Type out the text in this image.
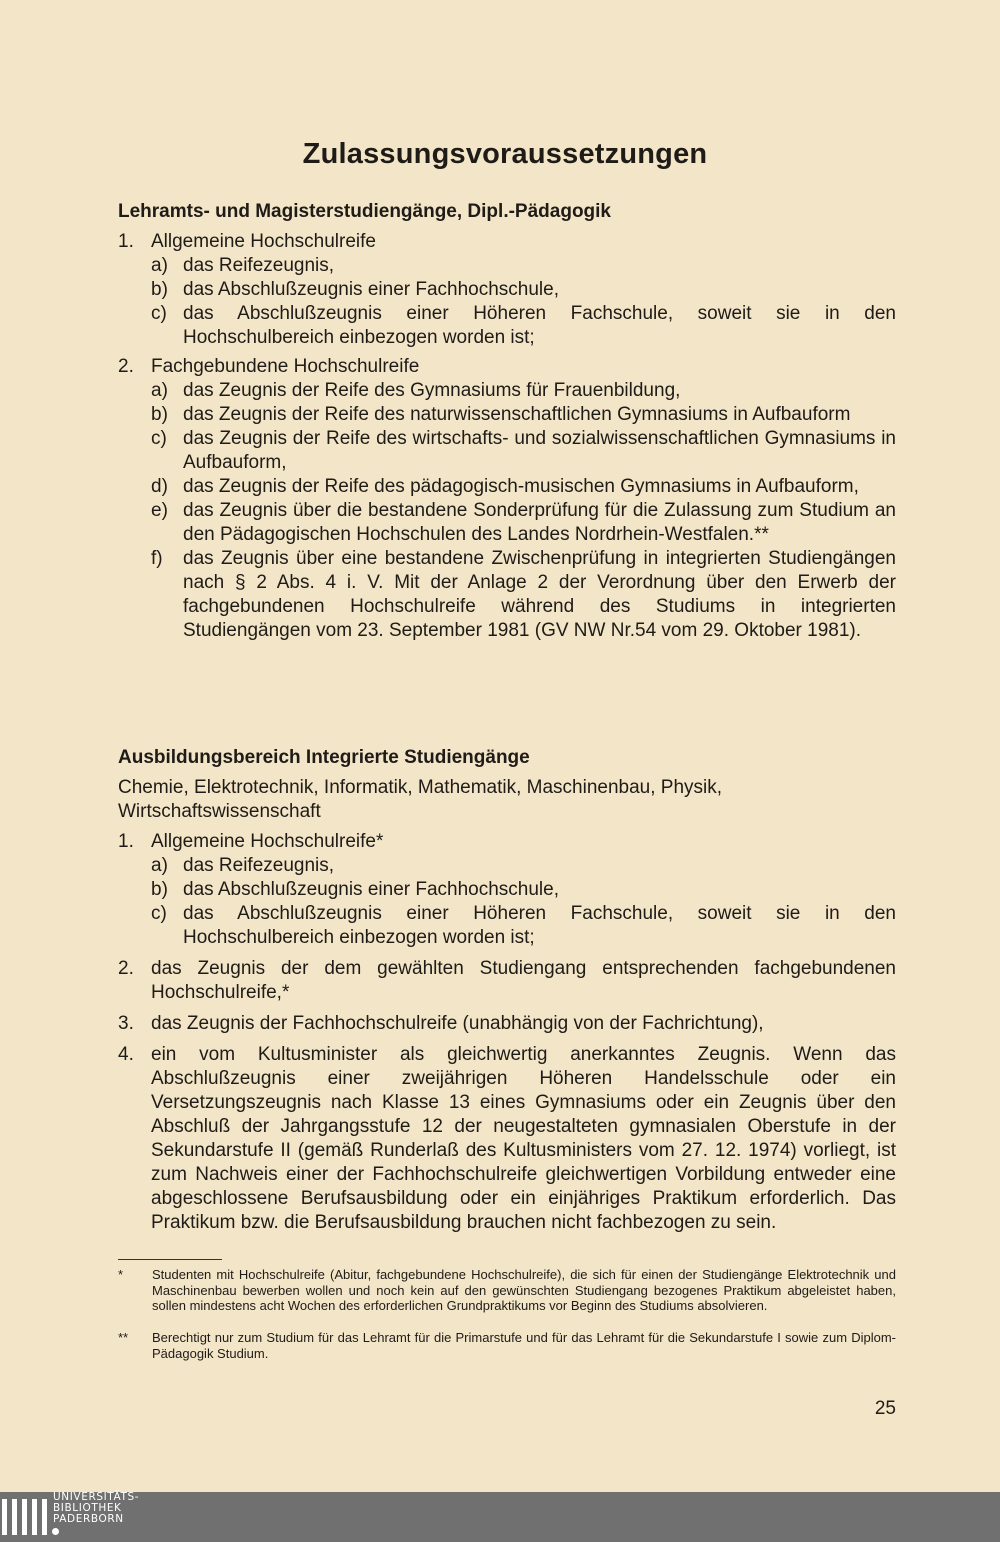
Zulassungsvoraussetzungen
Lehramts- und Magisterstudiengänge, Dipl.-Pädagogik
1. Allgemeine Hochschulreife
a) das Reifezeugnis,
b) das Abschlußzeugnis einer Fachhochschule,
c) das Abschlußzeugnis einer Höheren Fachschule, soweit sie in den Hochschulbereich einbezogen worden ist;
2. Fachgebundene Hochschulreife
a) das Zeugnis der Reife des Gymnasiums für Frauenbildung,
b) das Zeugnis der Reife des naturwissenschaftlichen Gymnasiums in Aufbauform
c) das Zeugnis der Reife des wirtschafts- und sozialwissenschaftlichen Gymnasiums in Aufbauform,
d) das Zeugnis der Reife des pädagogisch-musischen Gymnasiums in Aufbauform,
e) das Zeugnis über die bestandene Sonderprüfung für die Zulassung zum Studium an den Pädagogischen Hochschulen des Landes Nordrhein-Westfalen.**
f) das Zeugnis über eine bestandene Zwischenprüfung in integrierten Studiengängen nach § 2 Abs. 4 i. V. Mit der Anlage 2 der Verordnung über den Erwerb der fachgebundenen Hochschulreife während des Studiums in integrierten Studiengängen vom 23. September 1981 (GV NW Nr.54 vom 29. Oktober 1981).
Ausbildungsbereich Integrierte Studiengänge
Chemie, Elektrotechnik, Informatik, Mathematik, Maschinenbau, Physik, Wirtschaftswissenschaft
1. Allgemeine Hochschulreife*
a) das Reifezeugnis,
b) das Abschlußzeugnis einer Fachhochschule,
c) das Abschlußzeugnis einer Höheren Fachschule, soweit sie in den Hochschulbereich einbezogen worden ist;
2. das Zeugnis der dem gewählten Studiengang entsprechenden fachgebundenen Hochschulreife,*
3. das Zeugnis der Fachhochschulreife (unabhängig von der Fachrichtung),
4. ein vom Kultusminister als gleichwertig anerkanntes Zeugnis. Wenn das Abschlußzeugnis einer zweijährigen Höheren Handelsschule oder ein Versetzungszeugnis nach Klasse 13 eines Gymnasiums oder ein Zeugnis über den Abschluß der Jahrgangsstufe 12 der neugestalteten gymnasialen Oberstufe in der Sekundarstufe II (gemäß Runderlaß des Kultusministers vom 27. 12. 1974) vorliegt, ist zum Nachweis einer der Fachhochschulreife gleichwertigen Vorbildung entweder eine abgeschlossene Berufsausbildung oder ein einjähriges Praktikum erforderlich. Das Praktikum bzw. die Berufsausbildung brauchen nicht fachbezogen zu sein.
*	Studenten mit Hochschulreife (Abitur, fachgebundene Hochschulreife), die sich für einen der Studiengänge Elektrotechnik und Maschinenbau bewerben wollen und noch kein auf den gewünschten Studiengang bezogenes Praktikum abgeleistet haben, sollen mindestens acht Wochen des erforderlichen Grundpraktikums vor Beginn des Studiums absolvieren.
**	Berechtigt nur zum Studium für das Lehramt für die Primarstufe und für das Lehramt für die Sekundarstufe I sowie zum Diplom-Pädagogik Studium.
25
UNIVERSITÄTS-
BIBLIOTHEK
PADERBORN
